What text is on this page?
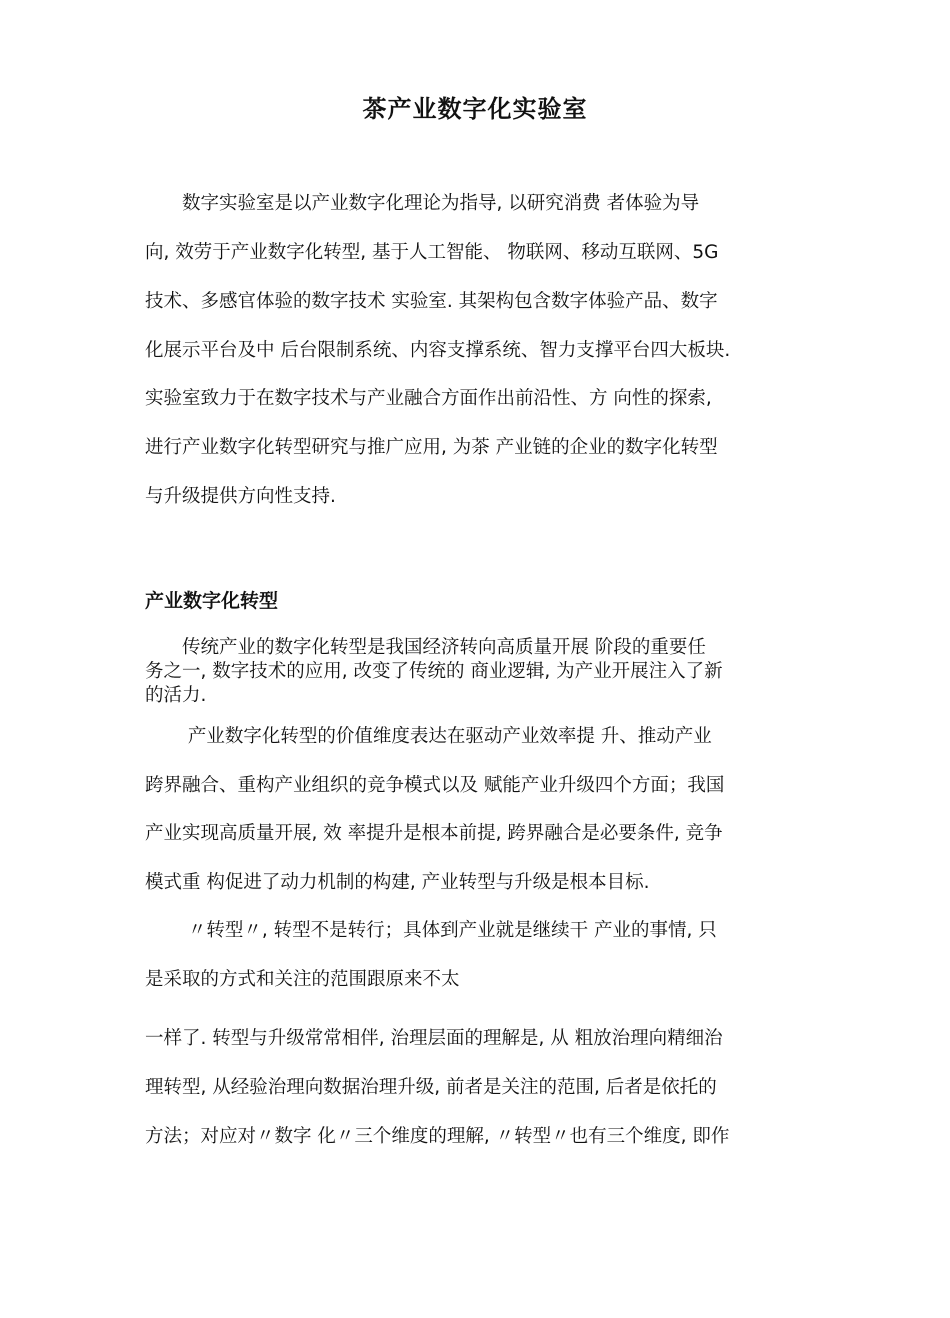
茶产业数字化实验室
　　数字实验室是以产业数字化理论为指导, 以研究消费 者体验为导
向, 效劳于产业数字化转型, 基于人工智能、 物联网、移动互联网、5G
技术、多感官体验的数字技术 实验室. 其架构包含数字体验产品、数字
化展示平台及中 后台限制系统、内容支撑系统、智力支撑平台四大板块.
实验室致力于在数字技术与产业融合方面作出前沿性、方 向性的探索,
进行产业数字化转型研究与推广应用, 为茶 产业链的企业的数字化转型
与升级提供方向性支持.
产业数字化转型
　　传统产业的数字化转型是我国经济转向高质量开展 阶段的重要任
务之一, 数字技术的应用, 改变了传统的 商业逻辑, 为产业开展注入了新
的活力.
　　 产业数字化转型的价值维度表达在驱动产业效率提 升、推动产业
跨界融合、重构产业组织的竞争模式以及 赋能产业升级四个方面；我国
产业实现高质量开展, 效 率提升是根本前提, 跨界融合是必要条件, 竞争
模式重 构促进了动力机制的构建, 产业转型与升级是根本目标.
　　 〃转型〃, 转型不是转行；具体到产业就是继续干 产业的事情, 只
是采取的方式和关注的范围跟原来不太
一样了. 转型与升级常常相伴, 治理层面的理解是, 从 粗放治理向精细治
理转型, 从经验治理向数据治理升级, 前者是关注的范围, 后者是依托的
方法；对应对〃数字 化〃三个维度的理解, 〃转型〃也有三个维度, 即作
